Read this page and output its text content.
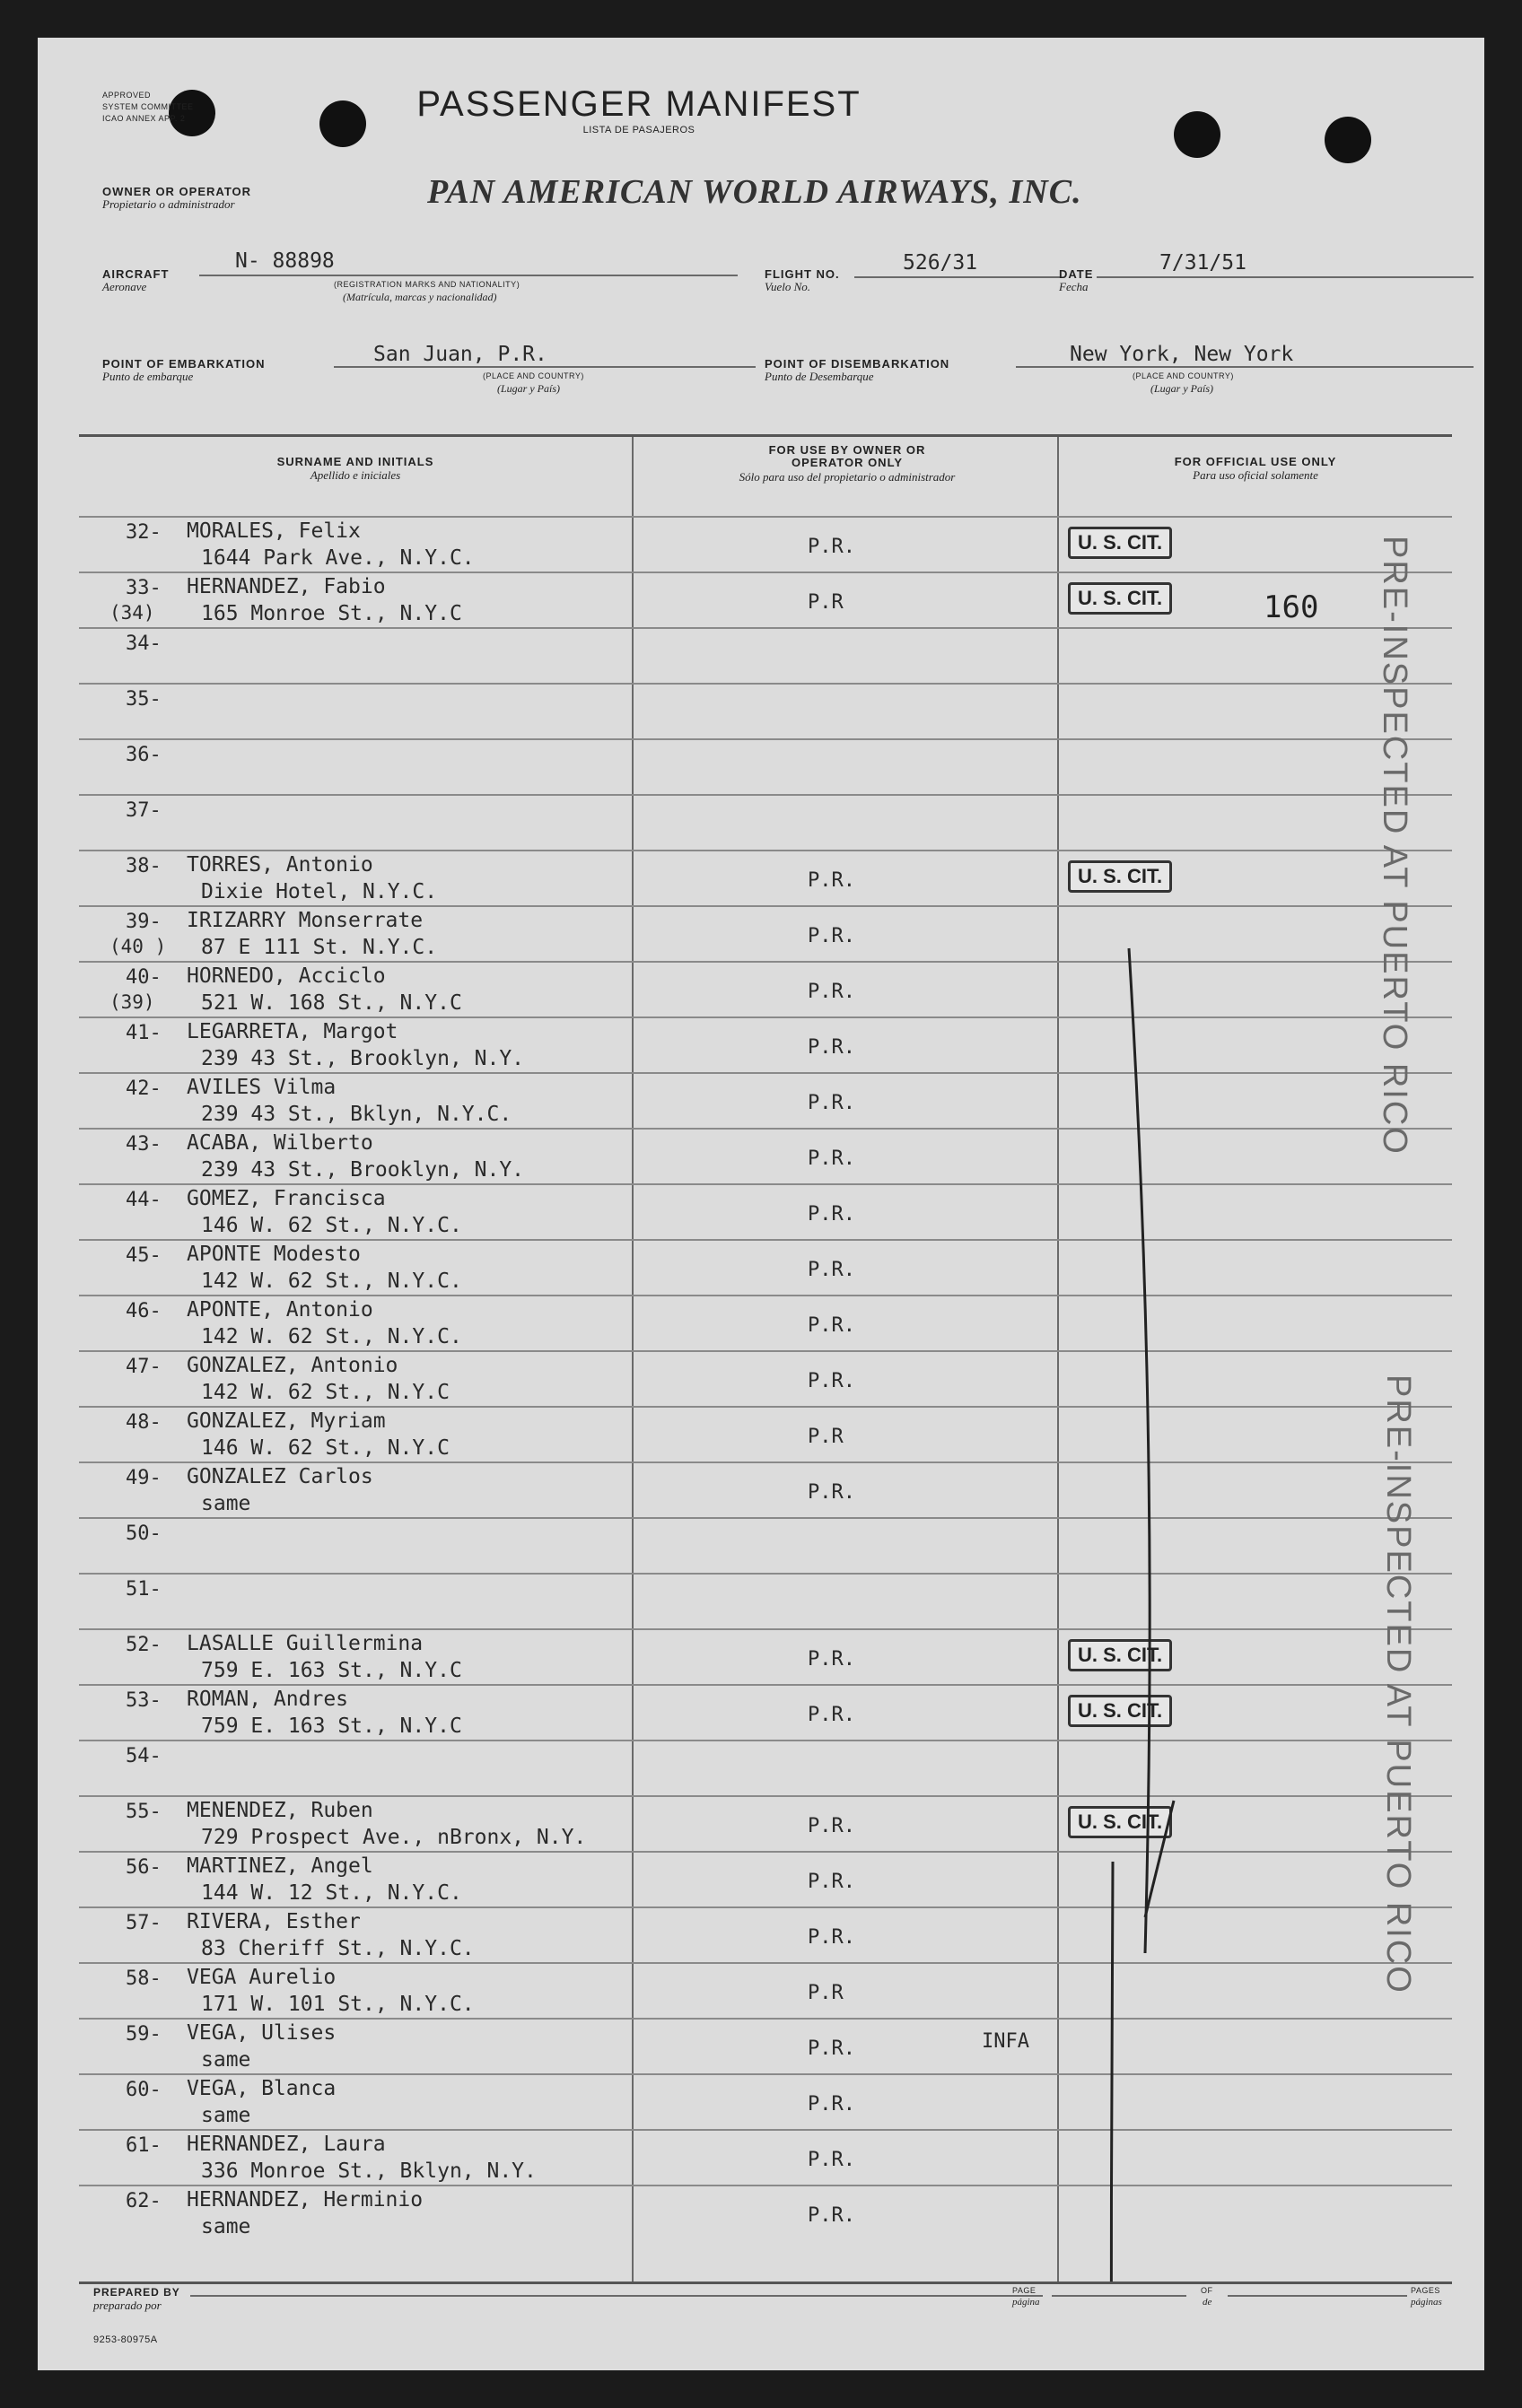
APPROVED
SYSTEM COMMITTEE
ICAO ANNEX APP. 2	PASSENGER MANIFEST
LISTA DE PASAJEROS
OWNER OR OPERATOR
Propietario o administrador	PAN AMERICAN WORLD AIRWAYS, INC.
AIRCRAFT
Aeronave
N- 88898
(REGISTRATION MARKS AND NATIONALITY)
(Matrícula, marcas y nacionalidad)
FLIGHT NO.
Vuelo No.
526/31	DATE
Fecha
7/31/51
POINT OF EMBARKATION
Punto de embarque
San Juan, P.R.
(PLACE AND COUNTRY)
(Lugar y País)
POINT OF DISEMBARKATION
Punto de Desembarque
New York, New York
(PLACE AND COUNTRY)
(Lugar y País)
SURNAME AND INITIALS
Apellido e iniciales
FOR USE BY OWNER OR OPERATOR ONLY
Sólo para uso del propietario o administrador
FOR OFFICIAL USE ONLY
Para uso oficial solamente
32- MORALES, Felix
1644 Park Ave., N.Y.C.	P.R.	U. S. CIT.
33-
(34)
HERNANDEZ, Fabio
165 Monroe St., N.Y.C	P.R	U. S. CIT.
34-
35-
36-
37-
38- TORRES, Antonio
Dixie Hotel, N.Y.C.	P.R.	U. S. CIT.
39-
(40 )
IRIZARRY Monserrate
87 E 111 St. N.Y.C.	P.R.
40-
(39)
HORNEDO, Acciclo
521 W. 168 St., N.Y.C	P.R.
41- LEGARRETA, Margot
239 43 St., Brooklyn, N.Y.	P.R.
42- AVILES Vilma
239 43 St., Bklyn, N.Y.C.	P.R.
43- ACABA, Wilberto
239 43 St., Brooklyn, N.Y.	P.R.
44- GOMEZ, Francisca
146 W. 62 St., N.Y.C.	P.R.
45- APONTE Modesto
142 W. 62 St., N.Y.C.	P.R.
46- APONTE, Antonio
142 W. 62 St., N.Y.C.	P.R.
47- GONZALEZ, Antonio
142 W. 62 St., N.Y.C	P.R.
48- GONZALEZ, Myriam
146 W. 62 St., N.Y.C	P.R
49- GONZALEZ Carlos
same	P.R.
50-
51-
52- LASALLE Guillermina
759 E. 163 St., N.Y.C	P.R.	U. S. CIT.
53- ROMAN, Andres
759 E. 163 St., N.Y.C	P.R.	U. S. CIT.
54-
55- MENENDEZ, Ruben
729 Prospect Ave., nBronx, N.Y.	P.R.	U. S. CIT.
56- MARTINEZ, Angel
144 W. 12 St., N.Y.C.	P.R.
57- RIVERA, Esther
83 Cheriff St., N.Y.C.	P.R.
58- VEGA Aurelio
171 W. 101 St., N.Y.C.	P.R
59- VEGA, Ulises
same	P.R.
60- VEGA, Blanca
same	P.R.
61- HERNANDEZ, Laura
336 Monroe St., Bklyn, N.Y.	P.R.
62- HERNANDEZ, Herminio
same	P.R.
160
INFA
PRE-INSPECTED AT PUERTO RICO
PRE-INSPECTED AT PUERTO RICO
PREPARED BY
preparado por
PAGE
página
OF
de
PAGES
páginas
9253-80975A
